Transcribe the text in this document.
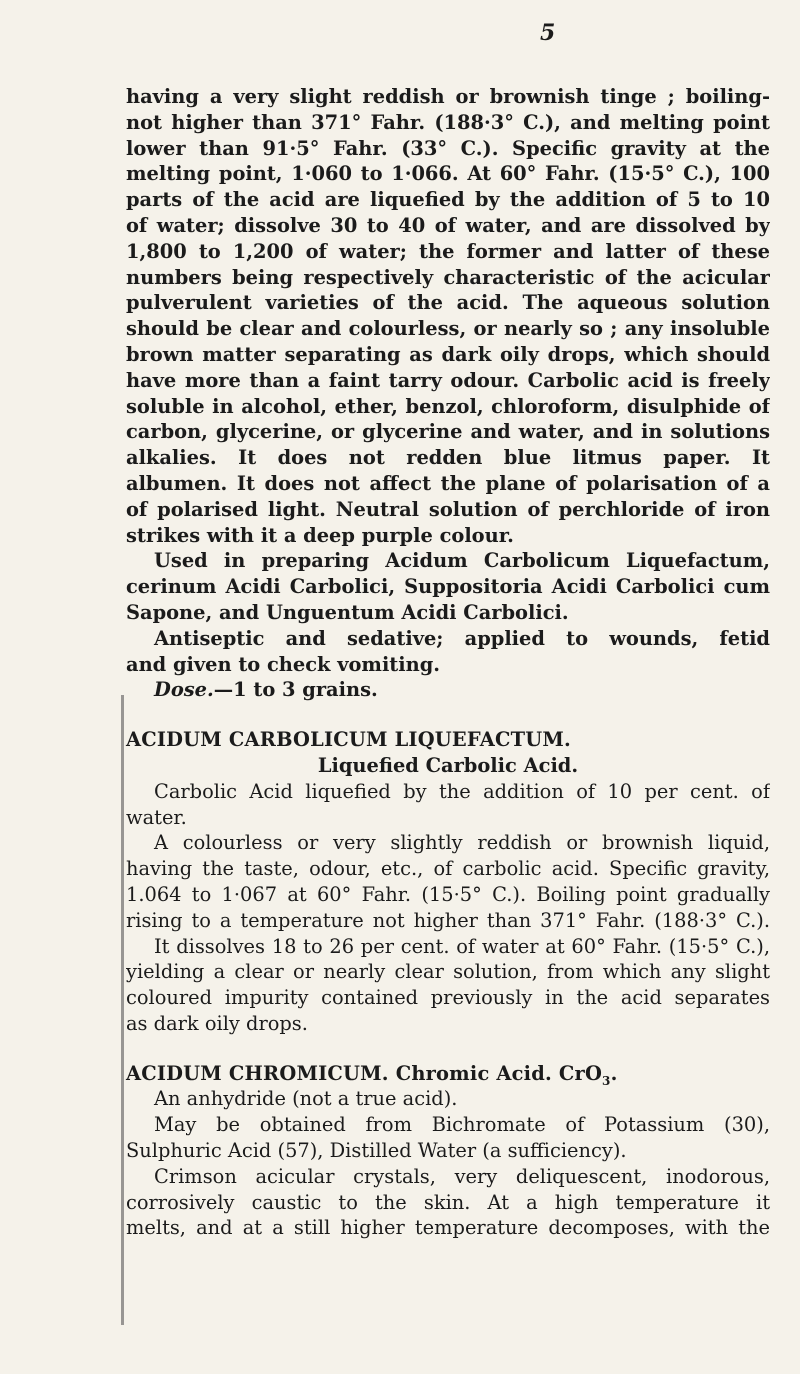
5
having a very slight reddish or brownish tinge ; boiling-
not higher than 371° Fahr. (188·3° C.), and melting point
lower than 91·5° Fahr. (33° C.). Specific gravity at the
melting point, 1·060 to 1·066. At 60° Fahr. (15·5° C.), 100
parts of the acid are liquefied by the addition of 5 to 10
of water; dissolve 30 to 40 of water, and are dissolved by
1,800 to 1,200 of water; the former and latter of these
numbers being respectively characteristic of the acicular
pulverulent varieties of the acid. The aqueous solution
should be clear and colourless, or nearly so ; any insoluble
brown matter separating as dark oily drops, which should
have more than a faint tarry odour. Carbolic acid is freely
soluble in alcohol, ether, benzol, chloroform, disulphide of
carbon, glycerine, or glycerine and water, and in solutions
alkalies. It does not redden blue litmus paper. It
albumen. It does not affect the plane of polarisation of a
of polarised light. Neutral solution of perchloride of iron
strikes with it a deep purple colour.
Used in preparing Acidum Carbolicum Liquefactum,
cerinum Acidi Carbolici, Suppositoria Acidi Carbolici cum
Sapone, and Unguentum Acidi Carbolici.
Antiseptic and sedative; applied to wounds, fetid
and given to check vomiting.
Dose.—1 to 3 grains.
ACIDUM CARBOLICUM LIQUEFACTUM.
Liquefied Carbolic Acid.
Carbolic Acid liquefied by the addition of 10 per cent. of
water.
A colourless or very slightly reddish or brownish liquid,
having the taste, odour, etc., of carbolic acid. Specific gravity,
1.064 to 1·067 at 60° Fahr. (15·5° C.). Boiling point gradually
rising to a temperature not higher than 371° Fahr. (188·3° C.).
It dissolves 18 to 26 per cent. of water at 60° Fahr. (15·5° C.),
yielding a clear or nearly clear solution, from which any slight
coloured impurity contained previously in the acid separates
as dark oily drops.
ACIDUM CHROMICUM. Chromic Acid. CrO$_3$.
An anhydride (not a true acid).
May be obtained from Bichromate of Potassium (30),
Sulphuric Acid (57), Distilled Water (a sufficiency).
Crimson acicular crystals, very deliquescent, inodorous,
corrosively caustic to the skin. At a high temperature it
melts, and at a still higher temperature decomposes, with the
